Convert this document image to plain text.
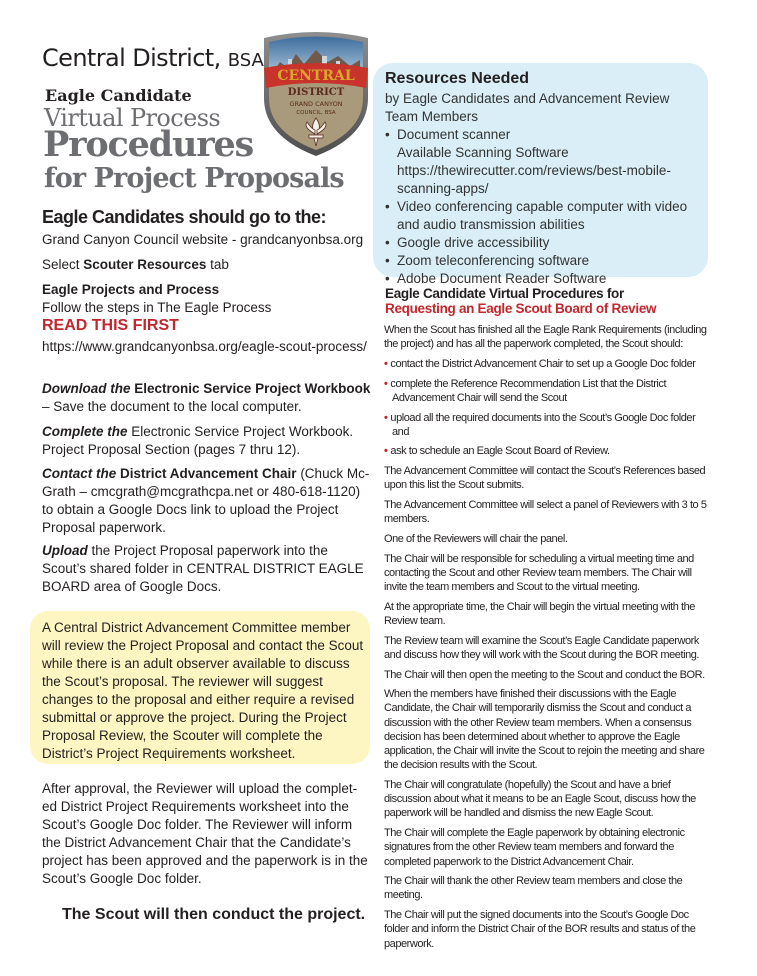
Central District, BSA
Eagle Candidate
Virtual Process
Procedures
for Project Proposals
CENTRAL
DISTRICT
GRAND CANYON
COUNCIL, BSA
Eagle Candidates should go to the:

Grand Canyon Council website - grandcanyonbsa.org

Select Scouter Resources tab

Eagle Projects and Process

Follow the steps in The Eagle Process

READ THIS FIRST

https://www.grandcanyonbsa.org/eagle-scout-process/

Download the Electronic Service Project Workbook – Save the document to the local computer.

Complete the Electronic Service Project Workbook. Project Proposal Section (pages 7 thru 12).

Contact the District Advancement Chair (Chuck Mc-Grath – cmcgrath@mcgrathcpa.net or 480-618-1120) to obtain a Google Docs link to upload the Project Proposal paperwork.

Upload the Project Proposal paperwork into the Scout’s shared folder in CENTRAL DISTRICT EAGLE BOARD area of Google Docs.

A Central District Advancement Committee member will review the Project Proposal and contact the Scout while there is an adult observer available to discuss the Scout’s proposal. The reviewer will suggest changes to the proposal and either require a revised submittal or approve the project. During the Project Proposal Review, the Scouter will complete the District’s Project Requirements worksheet.

After approval, the Reviewer will upload the complet-ed District Project Requirements worksheet into the Scout’s Google Doc folder. The Reviewer will inform the District Advancement Chair that the Candidate’s project has been approved and the paperwork is in the Scout’s Google Doc folder.

The Scout will then conduct the project.
Resources Needed
by Eagle Candidates and Advancement Review Team Members
• Document scanner
Available Scanning Software https://thewirecutter.com/reviews/best-mobile-scanning-apps/
• Video conferencing capable computer with video and audio transmission abilities
• Google drive accessibility
• Zoom teleconferencing software
• Adobe Document Reader Software
Eagle Candidate Virtual Procedures for
Requesting an Eagle Scout Board of Review

When the Scout has finished all the Eagle Rank Requirements (including the project) and has all the paperwork completed, the Scout should:

• contact the District Advancement Chair to set up a Google Doc folder

• complete the Reference Recommendation List that the District Advancement Chair will send the Scout

• upload all the required documents into the Scout’s Google Doc folder and

• ask to schedule an Eagle Scout Board of Review.

The Advancement Committee will contact the Scout’s References based upon this list the Scout submits.

The Advancement Committee will select a panel of Reviewers with 3 to 5 members.

One of the Reviewers will chair the panel.

The Chair will be responsible for scheduling a virtual meeting time and contacting the Scout and other Review team members. The Chair will invite the team members and Scout to the virtual meeting.

At the appropriate time, the Chair will begin the virtual meeting with the Review team.

The Review team will examine the Scout’s Eagle Candidate paperwork and discuss how they will work with the Scout during the BOR meeting.

The Chair will then open the meeting to the Scout and conduct the BOR.

When the members have finished their discussions with the Eagle Candidate, the Chair will temporarily dismiss the Scout and conduct a discussion with the other Review team members. When a consensus decision has been determined about whether to approve the Eagle application, the Chair will invite the Scout to rejoin the meeting and share the decision results with the Scout.

The Chair will congratulate (hopefully) the Scout and have a brief discussion about what it means to be an Eagle Scout, discuss how the paperwork will be handled and dismiss the new Eagle Scout.

The Chair will complete the Eagle paperwork by obtaining electronic signatures from the other Review team members and forward the completed paperwork to the District Advancement Chair.

The Chair will thank the other Review team members and close the meeting.

The Chair will put the signed documents into the Scout’s Google Doc folder and inform the District Chair of the BOR results and status of the paperwork.
